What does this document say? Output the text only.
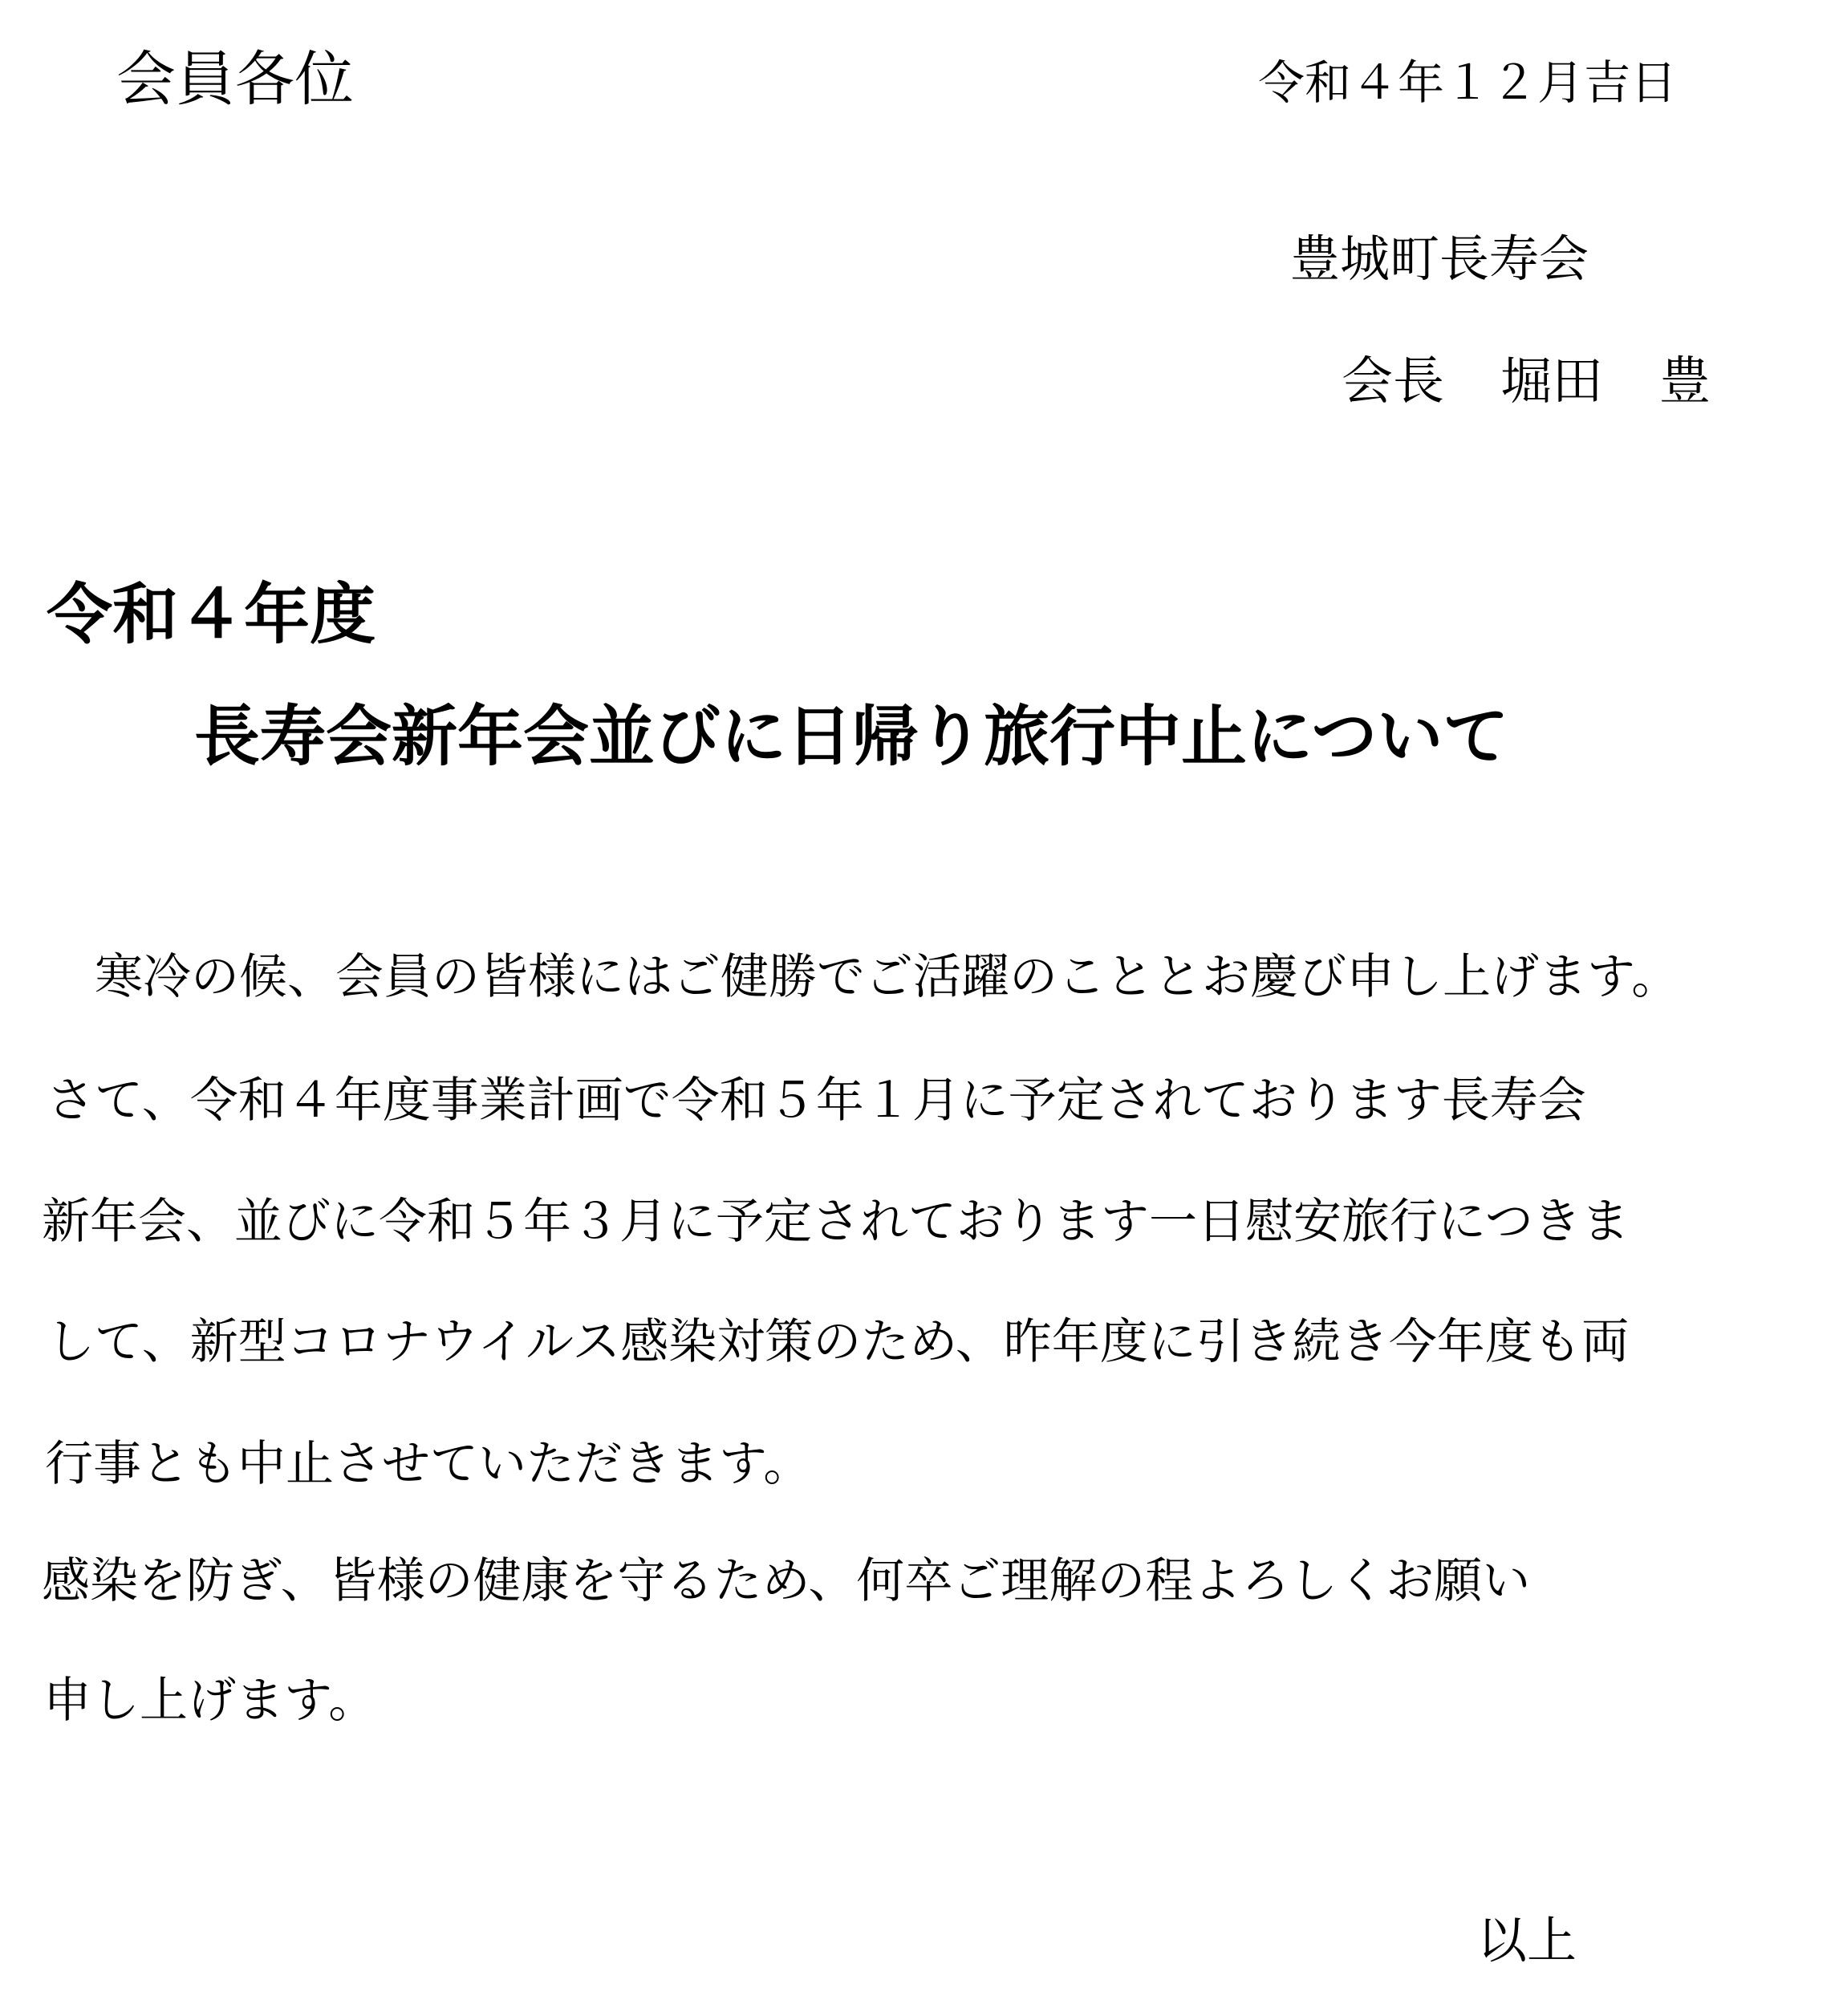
会員各位	令和４年１２月吉日
豊城町長寿会
会長 堀田 豊
令和４年度
長寿会新年会並びに日帰り旅行中止について
寒冷の候、会員の皆様にはご健勝でご活躍のこととお慶び申し上げます。
さて、令和４年度事業計画で令和５年１月に予定されております長寿会
新年会、並びに令和５年３月に予定されております一日慰安旅行につきま
して、新型コロナウイルス感染対策のため、昨年度に引き続き今年度も両
行事とも中止させていただきます。
感染を防ぎ、皆様の健康を守るため、何卒ご理解の程よろしくお願い
申し上げます。
以上
